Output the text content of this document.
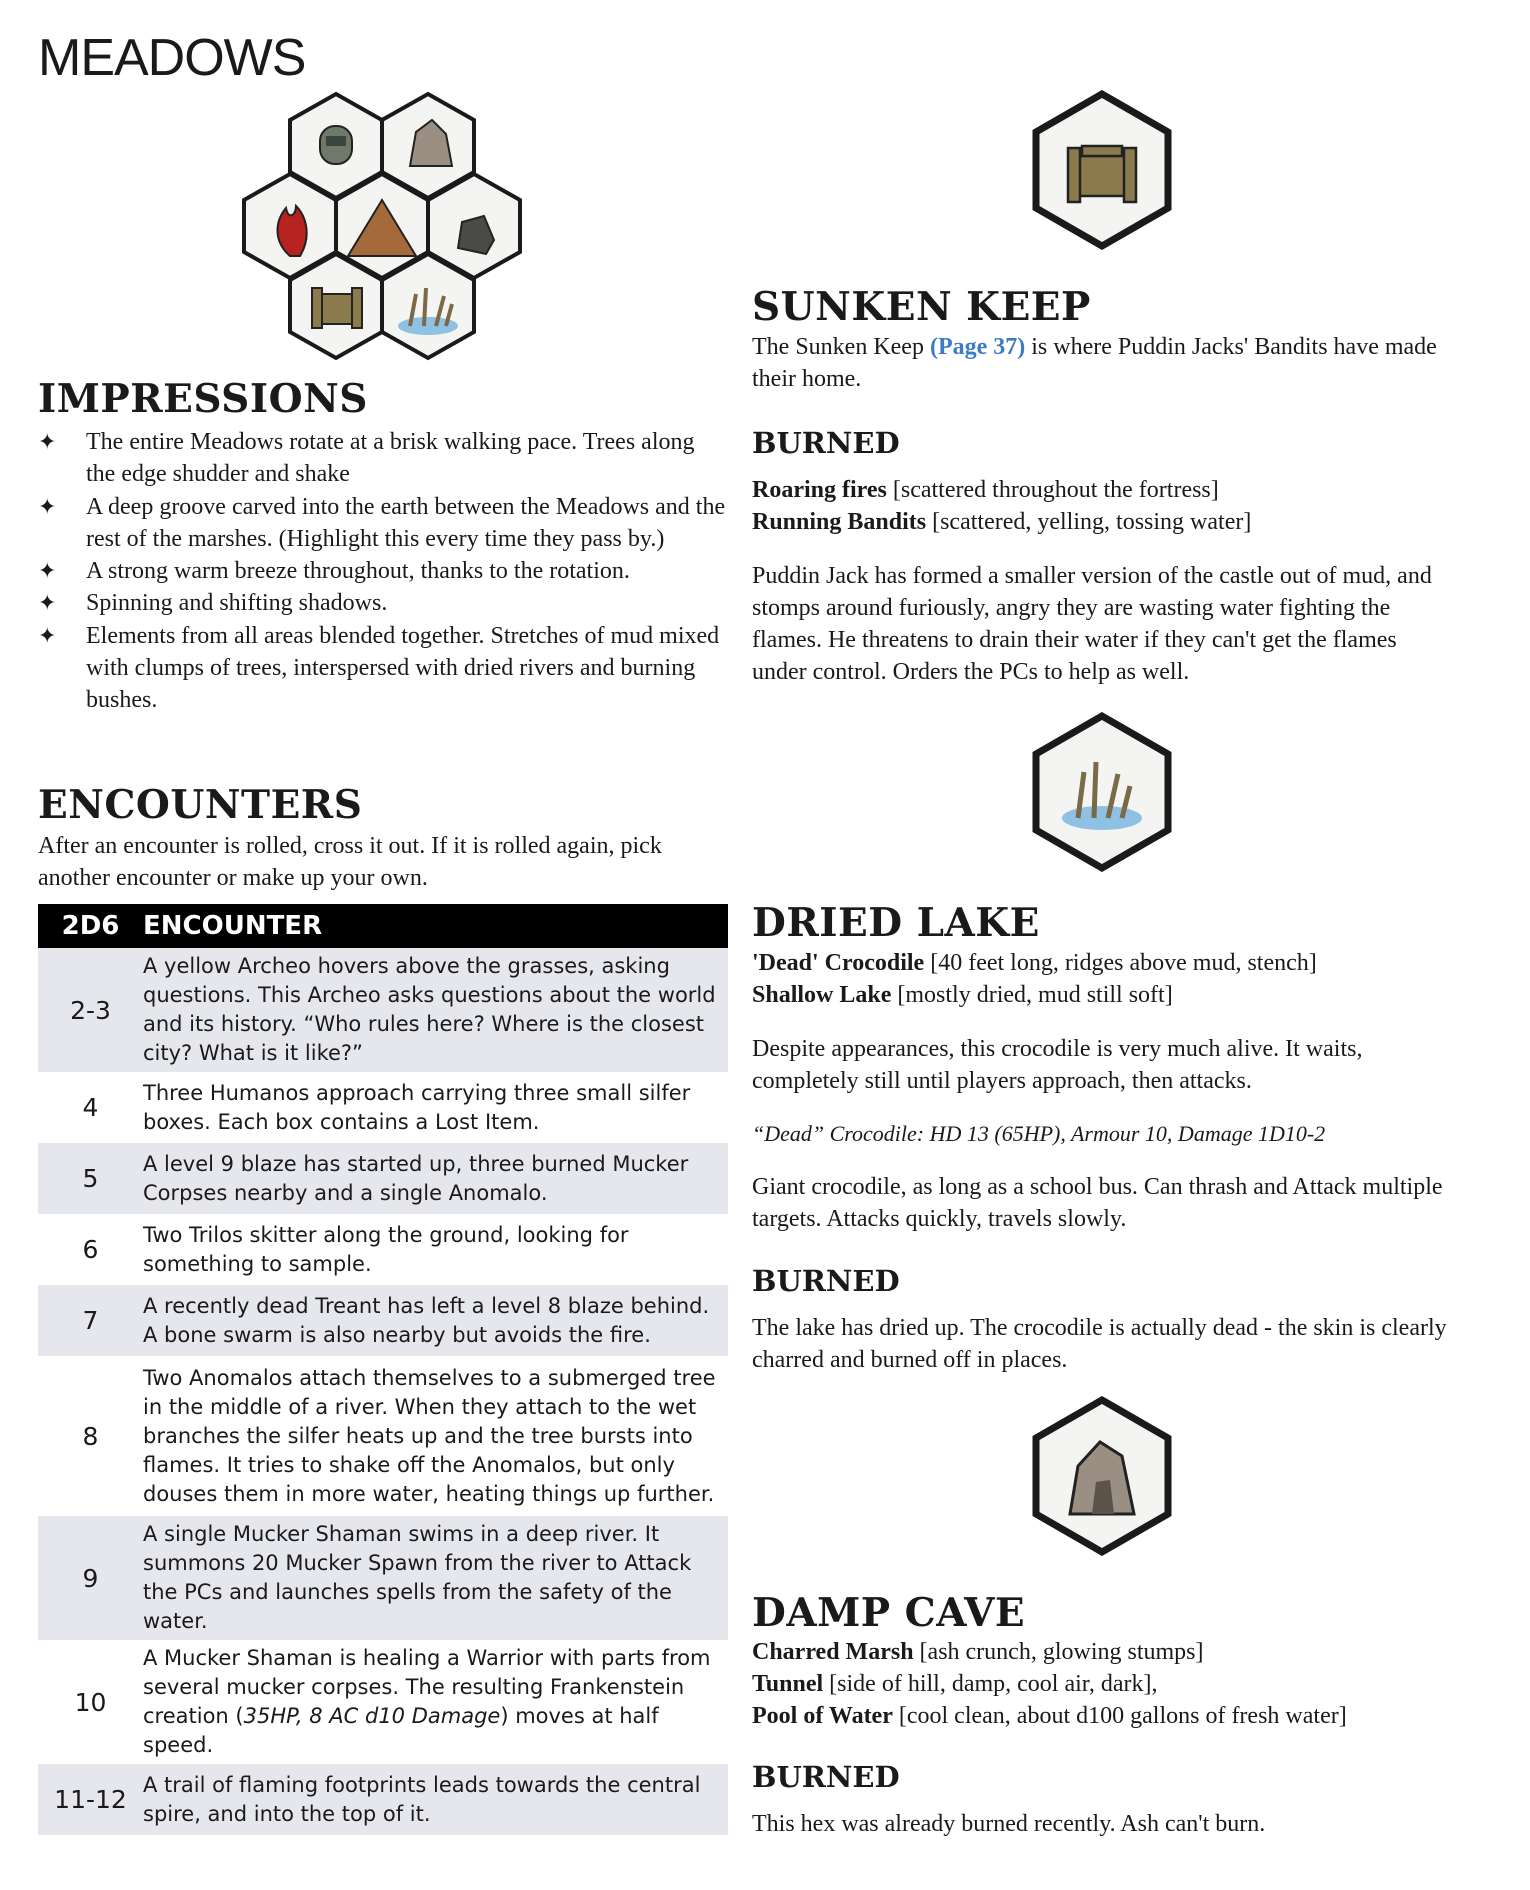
MEADOWS
IMPRESSIONS
✦ The entire Meadows rotate at a brisk walking pace. Trees along the edge shudder and shake
✦ A deep groove carved into the earth between the Meadows and the rest of the marshes. (Highlight this every time they pass by.)
✦ A strong warm breeze throughout, thanks to the rotation.
✦ Spinning and shifting shadows.
✦ Elements from all areas blended together. Stretches of mud mixed with clumps of trees, interspersed with dried rivers and burning bushes.
ENCOUNTERS

After an encounter is rolled, cross it out. If it is rolled again, pick another encounter or make up your own.

2D6	ENCOUNTER
2-3	A yellow Archeo hovers above the grasses, asking questions. This Archeo asks questions about the world and its history. “Who rules here? Where is the closest city? What is it like?”
4	Three Humanos approach carrying three small silfer boxes. Each box contains a Lost Item.
5	A level 9 blaze has started up, three burned Mucker Corpses nearby and a single Anomalo.
6	Two Trilos skitter along the ground, looking for something to sample.
7	A recently dead Treant has left a level 8 blaze behind. A bone swarm is also nearby but avoids the fire.
8	Two Anomalos attach themselves to a submerged tree in the middle of a river. When they attach to the wet branches the silfer heats up and the tree bursts into flames. It tries to shake off the Anomalos, but only douses them in more water, heating things up further.
9	A single Mucker Shaman swims in a deep river. It summons 20 Mucker Spawn from the river to Attack the PCs and launches spells from the safety of the water.
10	A Mucker Shaman is healing a Warrior with parts from several mucker corpses. The resulting Frankenstein creation (35HP, 8 AC d10 Damage) moves at half speed.
11-12	A trail of flaming footprints leads towards the central spire, and into the top of it.
SUNKEN KEEP

The Sunken Keep (Page 37) is where Puddin Jacks' Bandits have made their home.

BURNED

Roaring fires [scattered throughout the fortress]
Running Bandits [scattered, yelling, tossing water]

Puddin Jack has formed a smaller version of the castle out of mud, and stomps around furiously, angry they are wasting water fighting the flames. He threatens to drain their water if they can't get the flames under control. Orders the PCs to help as well.

DRIED LAKE

'Dead' Crocodile [40 feet long, ridges above mud, stench]
Shallow Lake [mostly dried, mud still soft]

Despite appearances, this crocodile is very much alive. It waits, completely still until players approach, then attacks.

“Dead” Crocodile: HD 13 (65HP), Armour 10, Damage 1D10-2

Giant crocodile, as long as a school bus. Can thrash and Attack multiple targets. Attacks quickly, travels slowly.

BURNED

The lake has dried up. The crocodile is actually dead - the skin is clearly charred and burned off in places.

DAMP CAVE

Charred Marsh [ash crunch, glowing stumps]
Tunnel [side of hill, damp, cool air, dark],
Pool of Water [cool clean, about d100 gallons of fresh water]

BURNED

This hex was already burned recently. Ash can't burn.
